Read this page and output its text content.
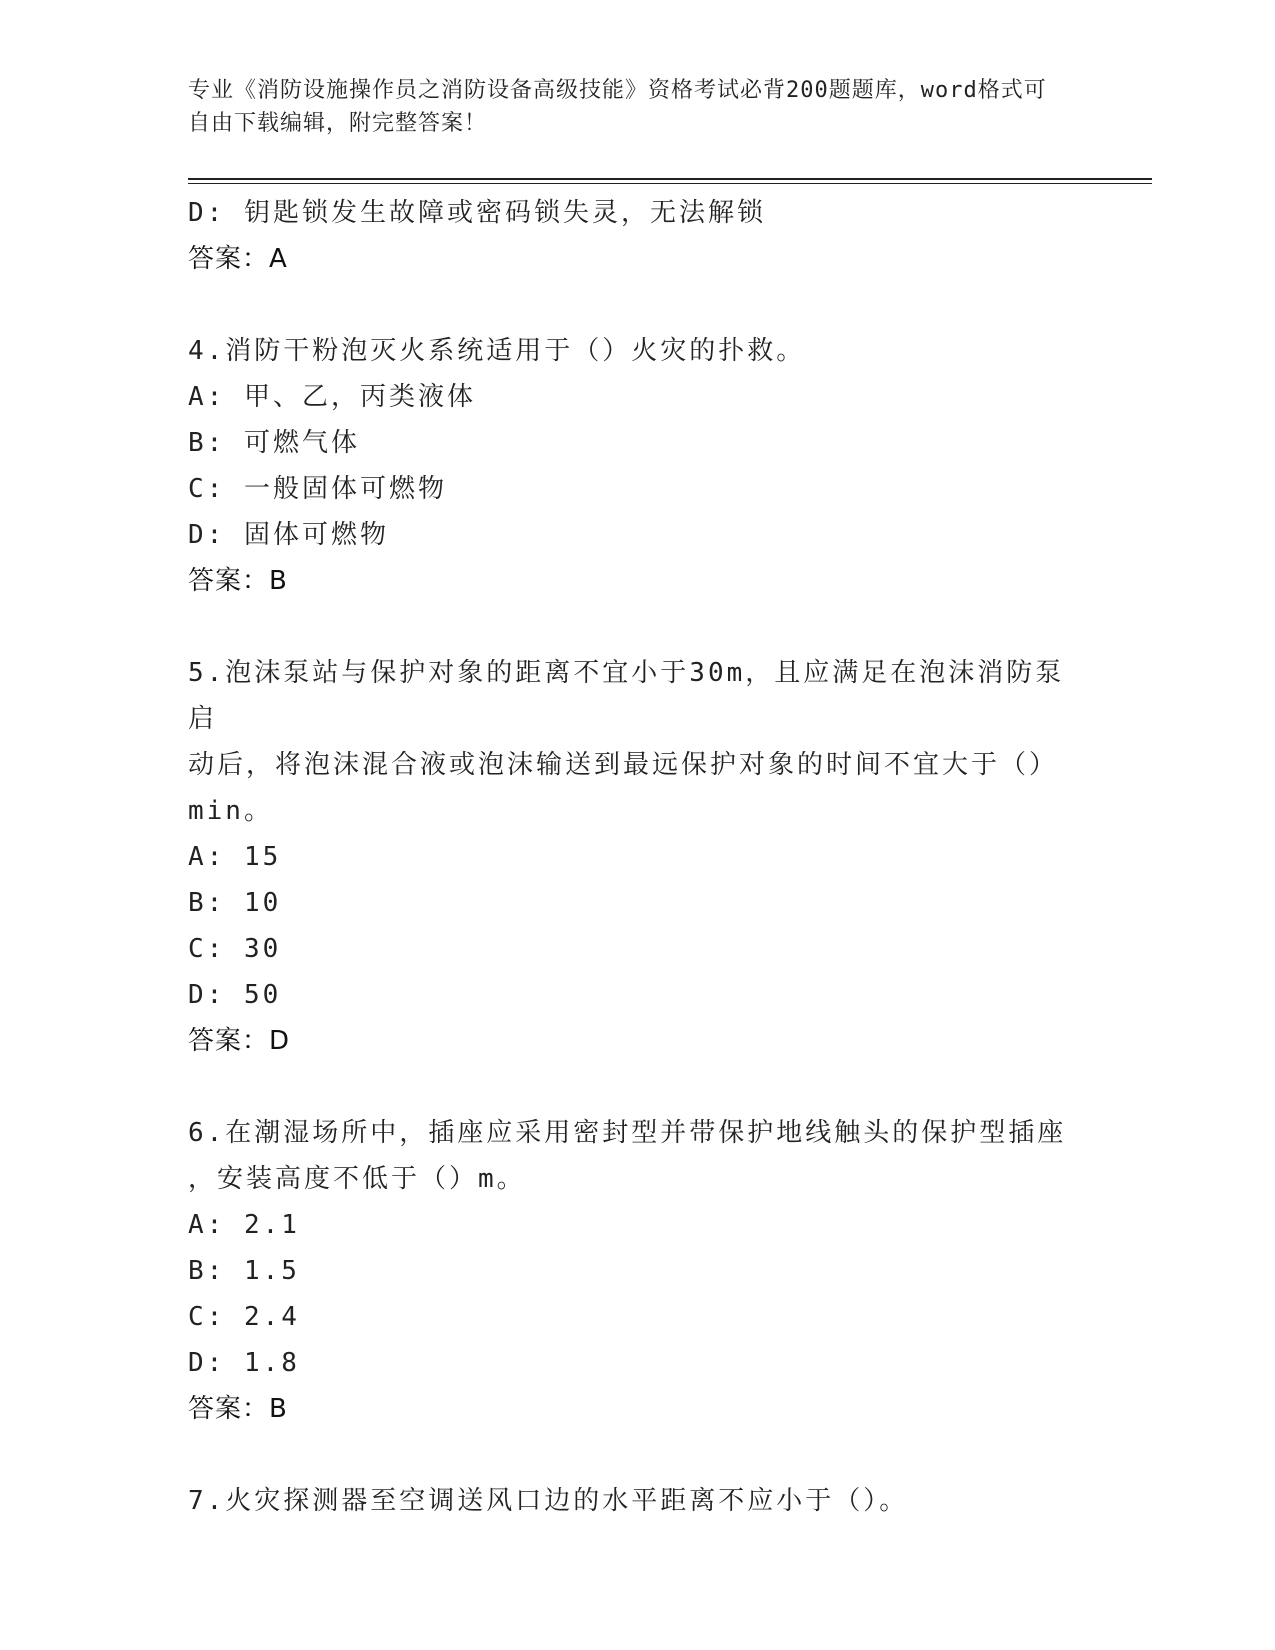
专业《消防设施操作员之消防设备高级技能》资格考试必背200题题库，word格式可自由下载编辑，附完整答案！
D: 钥匙锁发生故障或密码锁失灵，无法解锁
答案：A
4.消防干粉泡灭火系统适用于（）火灾的扑救。
A: 甲、乙，丙类液体
B: 可燃气体
C: 一般固体可燃物
D: 固体可燃物
答案：B
5.泡沫泵站与保护对象的距离不宜小于30m，且应满足在泡沫消防泵启
动后，将泡沫混合液或泡沫输送到最远保护对象的时间不宜大于（）
min。
A: 15
B: 10
C: 30
D: 50
答案：D
6.在潮湿场所中，插座应采用密封型并带保护地线触头的保护型插座
，安装高度不低于（）m。
A: 2.1
B: 1.5
C: 2.4
D: 1.8
答案：B
7.火灾探测器至空调送风口边的水平距离不应小于（）。
